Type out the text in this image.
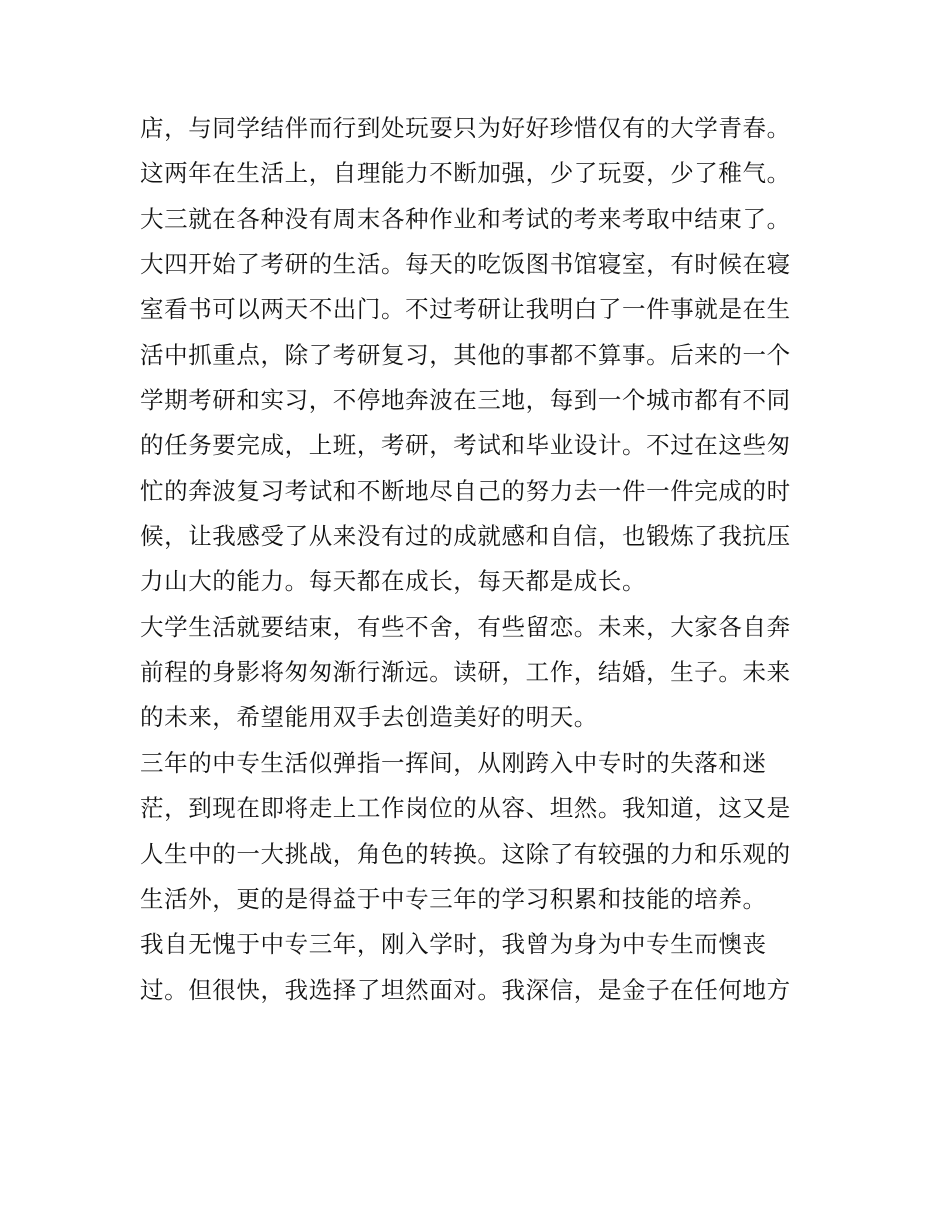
店，与同学结伴而行到处玩耍只为好好珍惜仅有的大学青春。
这两年在生活上，自理能力不断加强，少了玩耍，少了稚气。
大三就在各种没有周末各种作业和考试的考来考取中结束了。
大四开始了考研的生活。每天的吃饭图书馆寝室，有时候在寝
室看书可以两天不出门。不过考研让我明白了一件事就是在生
活中抓重点，除了考研复习，其他的事都不算事。后来的一个
学期考研和实习，不停地奔波在三地，每到一个城市都有不同
的任务要完成，上班，考研，考试和毕业设计。不过在这些匆
忙的奔波复习考试和不断地尽自己的努力去一件一件完成的时
候，让我感受了从来没有过的成就感和自信，也锻炼了我抗压
力山大的能力。每天都在成长，每天都是成长。
大学生活就要结束，有些不舍，有些留恋。未来，大家各自奔
前程的身影将匆匆渐行渐远。读研，工作，结婚，生子。未来
的未来，希望能用双手去创造美好的明天。
三年的中专生活似弹指一挥间，从刚跨入中专时的失落和迷
茫，到现在即将走上工作岗位的从容、坦然。我知道，这又是
人生中的一大挑战，角色的转换。这除了有较强的力和乐观的
生活外，更的是得益于中专三年的学习积累和技能的培养。
我自无愧于中专三年，刚入学时，我曾为身为中专生而懊丧
过。但很快，我选择了坦然面对。我深信，是金子在任何地方
